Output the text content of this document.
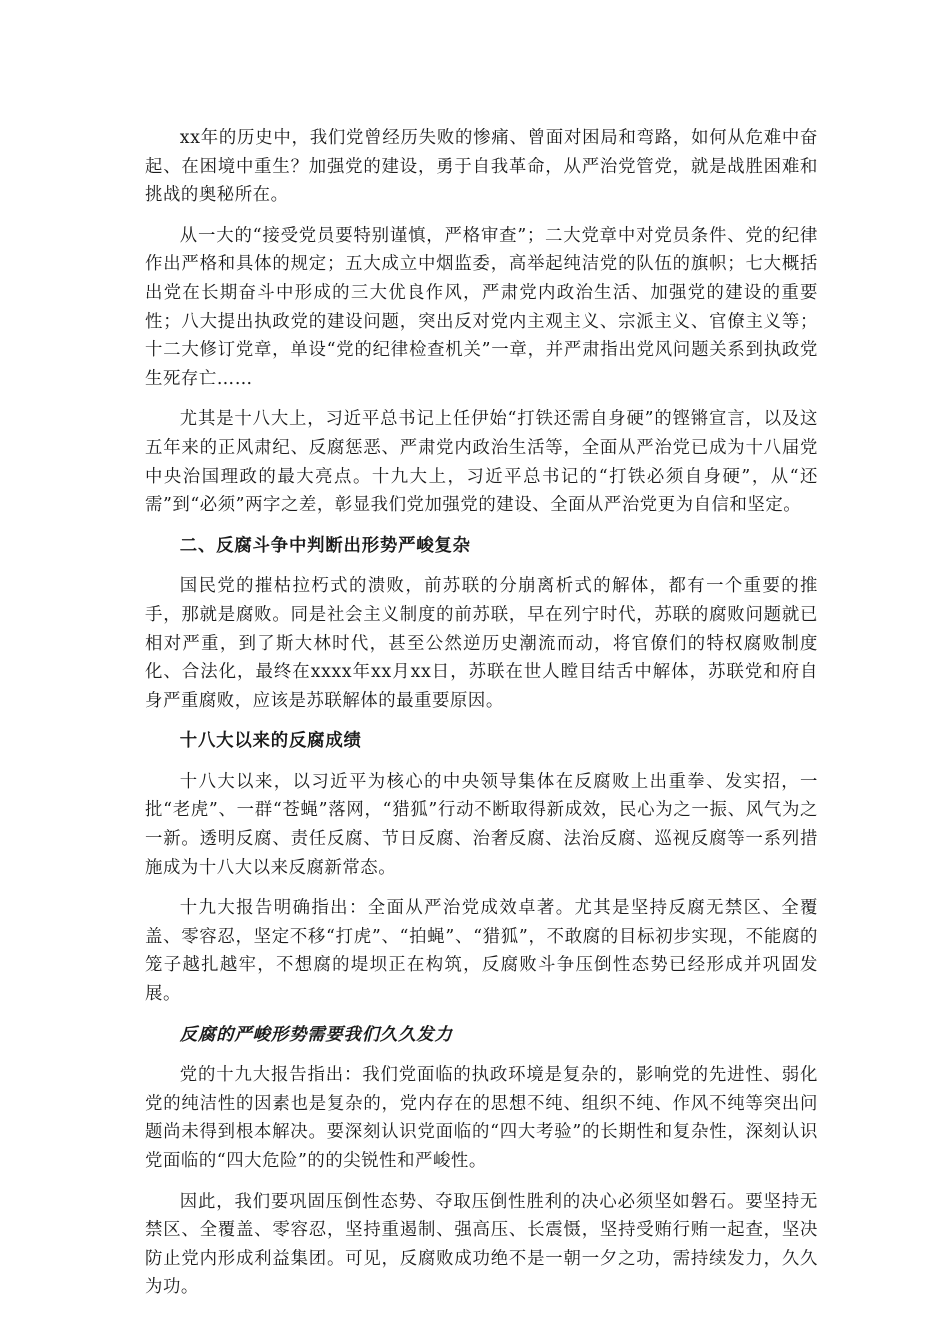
xx年的历史中，我们党曾经历失败的惨痛、曾面对困局和弯路，如何从危难中奋起、在困境中重生？加强党的建设，勇于自我革命，从严治党管党，就是战胜困难和挑战的奥秘所在。

从一大的“接受党员要特别谨慎，严格审查”；二大党章中对党员条件、党的纪律作出严格和具体的规定；五大成立中烟监委，高举起纯洁党的队伍的旗帜；七大概括出党在长期奋斗中形成的三大优良作风，严肃党内政治生活、加强党的建设的重要性；八大提出执政党的建设问题，突出反对党内主观主义、宗派主义、官僚主义等；十二大修订党章，单设“党的纪律检查机关”一章，并严肃指出党风问题关系到执政党生死存亡……

尤其是十八大上，习近平总书记上任伊始“打铁还需自身硬”的铿锵宣言，以及这五年来的正风肃纪、反腐惩恶、严肃党内政治生活等，全面从严治党已成为十八届党中央治国理政的最大亮点。十九大上，习近平总书记的“打铁必须自身硬”，从“还需”到“必须”两字之差，彰显我们党加强党的建设、全面从严治党更为自信和坚定。

二、反腐斗争中判断出形势严峻复杂

国民党的摧枯拉朽式的溃败，前苏联的分崩离析式的解体，都有一个重要的推手，那就是腐败。同是社会主义制度的前苏联，早在列宁时代，苏联的腐败问题就已相对严重，到了斯大林时代，甚至公然逆历史潮流而动，将官僚们的特权腐败制度化、合法化，最终在xxxx年xx月xx日，苏联在世人瞠目结舌中解体，苏联党和府自身严重腐败，应该是苏联解体的最重要原因。

十八大以来的反腐成绩

十八大以来，以习近平为核心的中央领导集体在反腐败上出重拳、发实招，一批“老虎”、一群“苍蝇”落网，“猎狐”行动不断取得新成效，民心为之一振、风气为之一新。透明反腐、责任反腐、节日反腐、治奢反腐、法治反腐、巡视反腐等一系列措施成为十八大以来反腐新常态。

十九大报告明确指出：全面从严治党成效卓著。尤其是坚持反腐无禁区、全覆盖、零容忍，坚定不移“打虎”、“拍蝇”、“猎狐”，不敢腐的目标初步实现，不能腐的笼子越扎越牢，不想腐的堤坝正在构筑，反腐败斗争压倒性态势已经形成并巩固发展。

反腐的严峻形势需要我们久久发力

党的十九大报告指出：我们党面临的执政环境是复杂的，影响党的先进性、弱化党的纯洁性的因素也是复杂的，党内存在的思想不纯、组织不纯、作风不纯等突出问题尚未得到根本解决。要深刻认识党面临的“四大考验”的长期性和复杂性，深刻认识党面临的“四大危险”的的尖锐性和严峻性。

因此，我们要巩固压倒性态势、夺取压倒性胜利的决心必须坚如磐石。要坚持无禁区、全覆盖、零容忍，坚持重遏制、强高压、长震慑，坚持受贿行贿一起查，坚决防止党内形成利益集团。可见，反腐败成功绝不是一朝一夕之功，需持续发力，久久为功。
